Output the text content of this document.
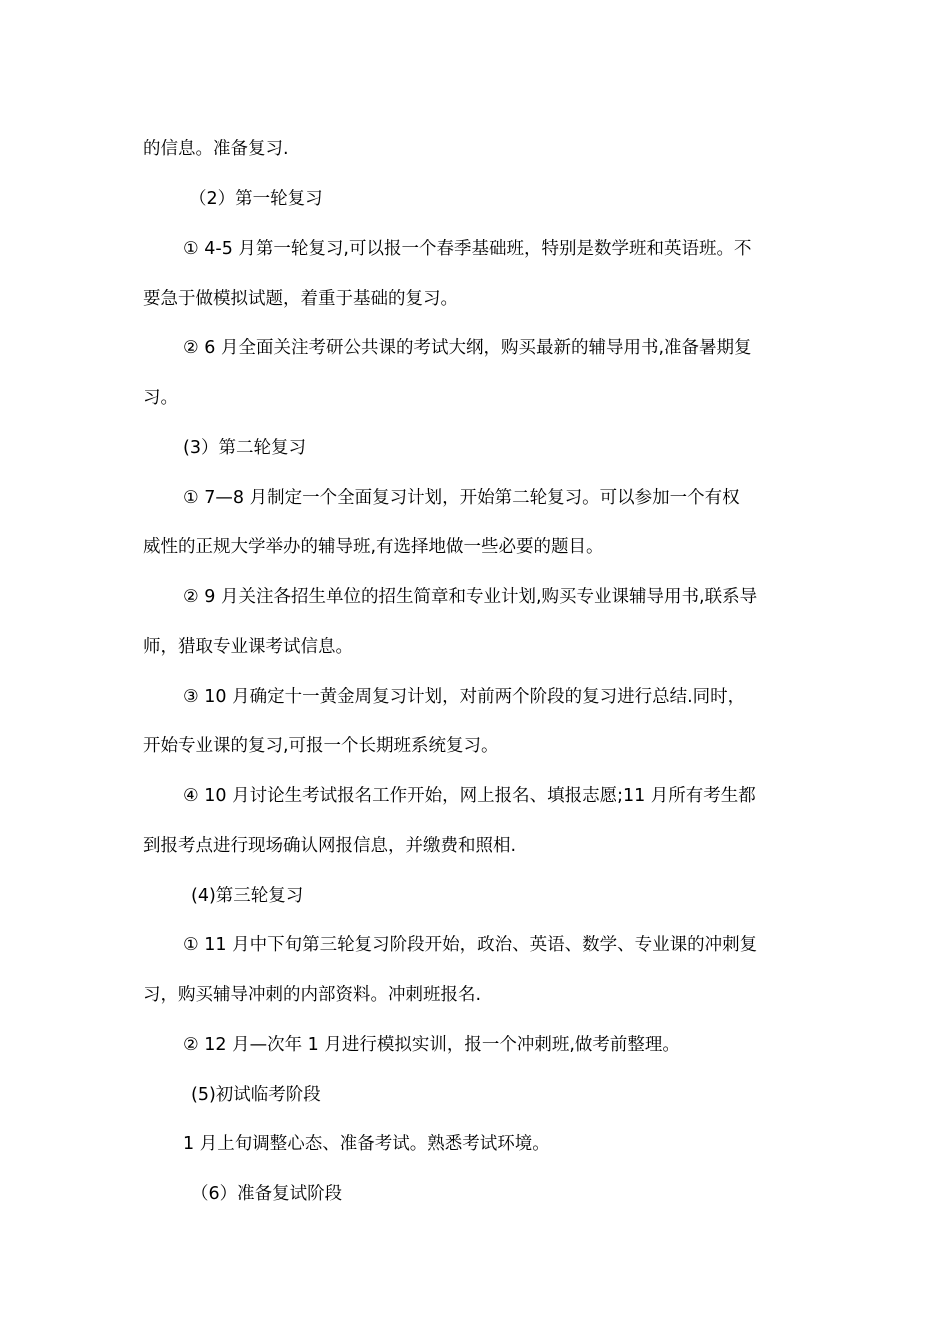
的信息。准备复习.
（2）第一轮复习
① 4-5 月第一轮复习,可以报一个春季基础班，特别是数学班和英语班。不
要急于做模拟试题，着重于基础的复习。
② 6 月全面关注考研公共课的考试大纲，购买最新的辅导用书,准备暑期复
习。
(3）第二轮复习
① 7—8 月制定一个全面复习计划，开始第二轮复习。可以参加一个有权
威性的正规大学举办的辅导班,有选择地做一些必要的题目。
② 9 月关注各招生单位的招生简章和专业计划,购买专业课辅导用书,联系导
师，猎取专业课考试信息。
③ 10 月确定十一黄金周复习计划，对前两个阶段的复习进行总结.同时，
开始专业课的复习,可报一个长期班系统复习。
④ 10 月讨论生考试报名工作开始，网上报名、填报志愿;11 月所有考生都
到报考点进行现场确认网报信息，并缴费和照相.
(4)第三轮复习
① 11 月中下旬第三轮复习阶段开始，政治、英语、数学、专业课的冲刺复
习，购买辅导冲刺的内部资料。冲刺班报名.
② 12 月—次年 1 月进行模拟实训，报一个冲刺班,做考前整理。
(5)初试临考阶段
1 月上旬调整心态、准备考试。熟悉考试环境。
（6）准备复试阶段
